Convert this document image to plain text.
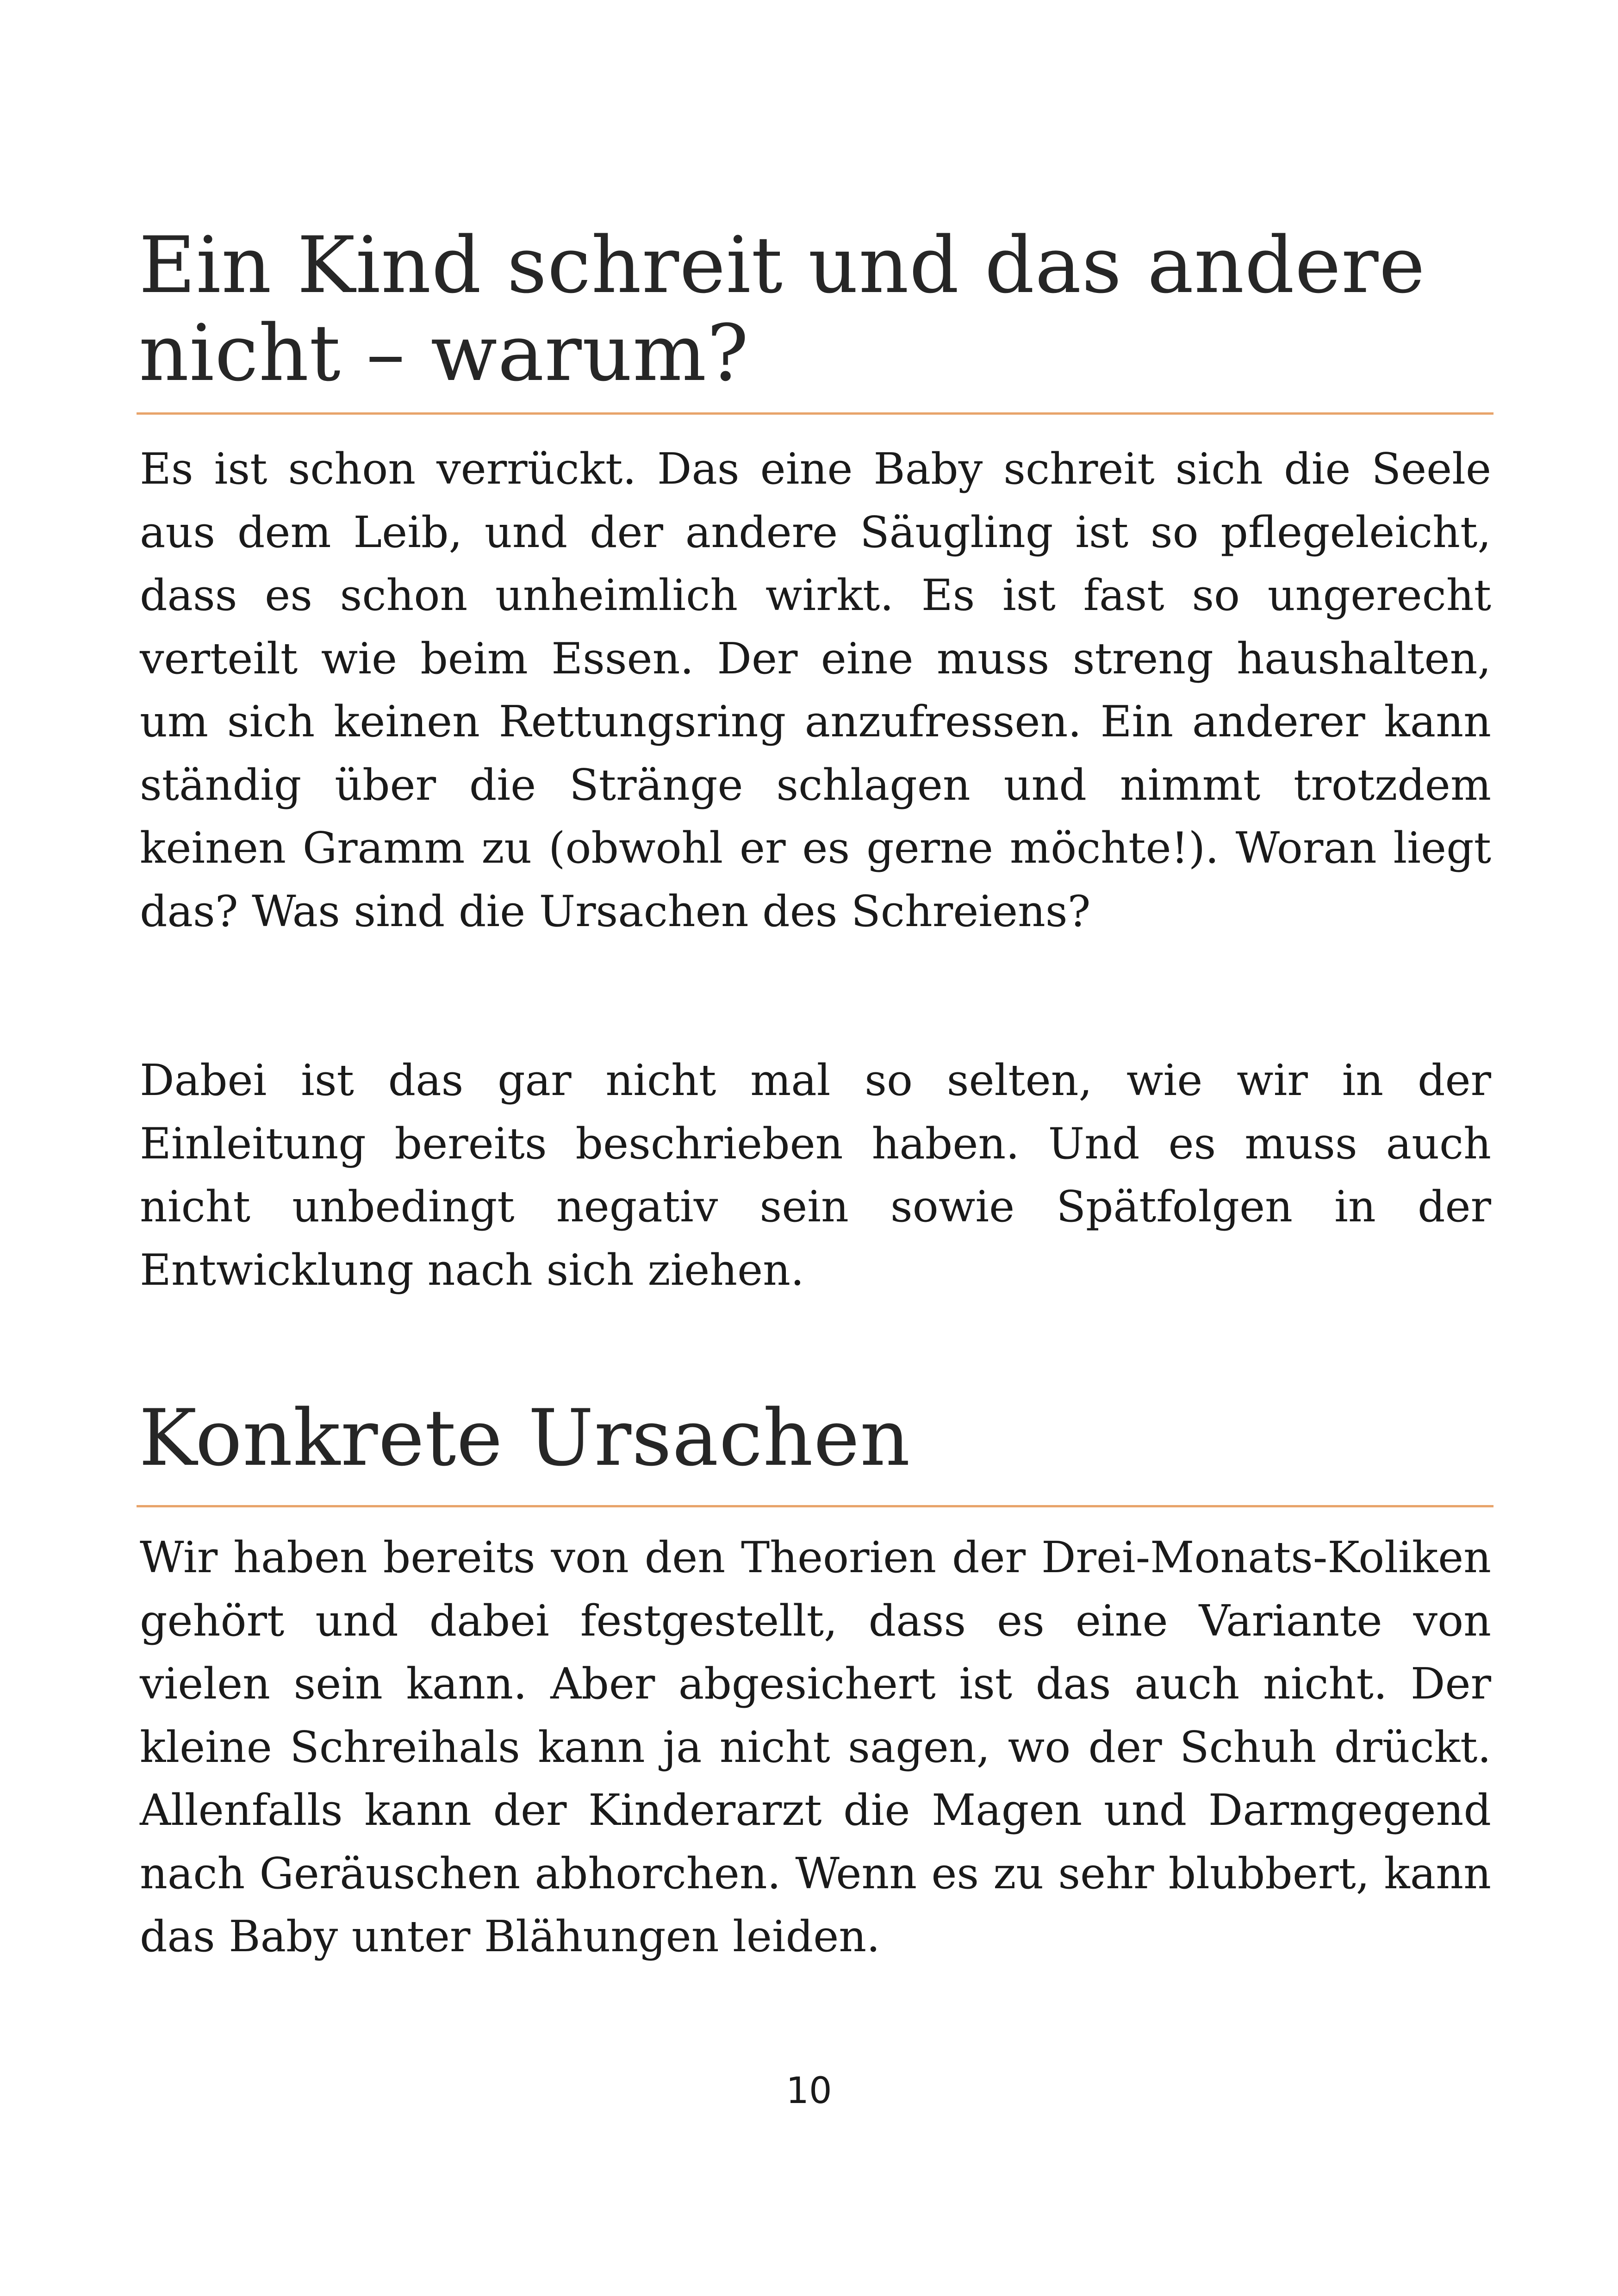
Ein Kind schreit und das andere nicht – warum?

Es ist schon verrückt. Das eine Baby schreit sich die Seele aus dem Leib, und der andere Säugling ist so pflegeleicht, dass es schon unheimlich wirkt. Es ist fast so ungerecht verteilt wie beim Essen. Der eine muss streng haushalten, um sich keinen Rettungsring anzufressen. Ein anderer kann ständig über die Stränge schlagen und nimmt trotzdem keinen Gramm zu (obwohl er es gerne möchte!). Woran liegt das? Was sind die Ursachen des Schreiens?

Dabei ist das gar nicht mal so selten, wie wir in der Einleitung bereits beschrieben haben. Und es muss auch nicht unbedingt negativ sein sowie Spätfolgen in der Entwicklung nach sich ziehen.

Konkrete Ursachen

Wir haben bereits von den Theorien der Drei-Monats-Koliken gehört und dabei festgestellt, dass es eine Variante von vielen sein kann. Aber abgesichert ist das auch nicht. Der kleine Schreihals kann ja nicht sagen, wo der Schuh drückt. Allenfalls kann der Kinderarzt die Magen und Darmgegend nach Geräuschen abhorchen. Wenn es zu sehr blubbert, kann das Baby unter Blähungen leiden.

10
